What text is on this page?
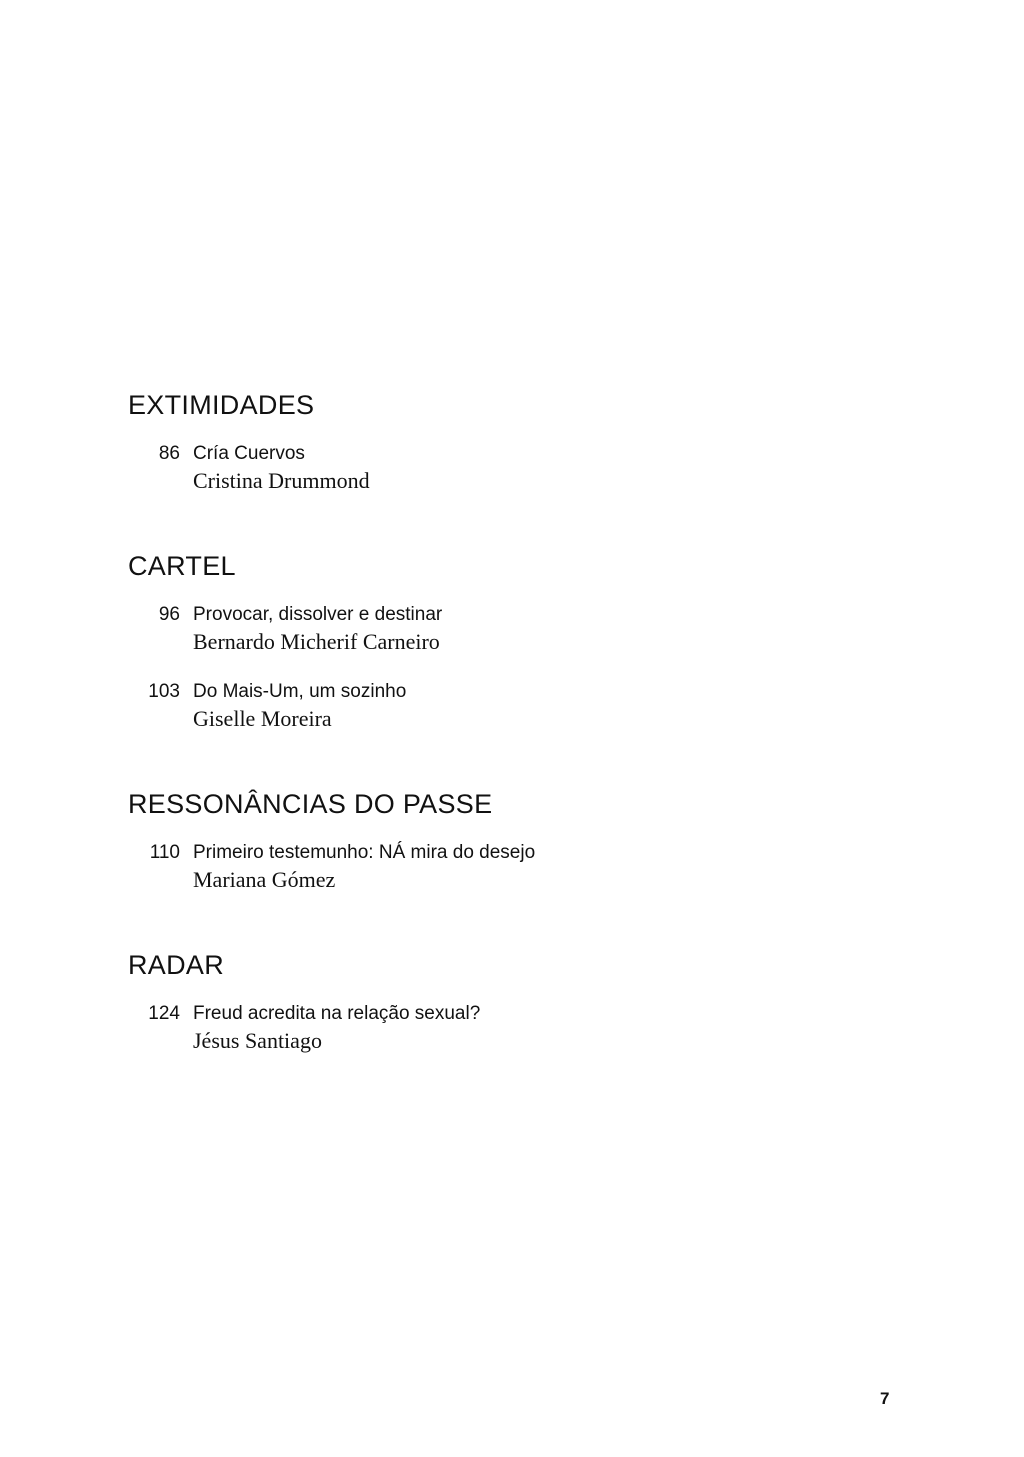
EXTIMIDADES
86 Cría Cuervos
Cristina Drummond
CARTEL
96 Provocar, dissolver e destinar
Bernardo Micherif Carneiro
103 Do Mais-Um, um sozinho
Giselle Moreira
RESSONÂNCIAS DO PASSE
110 Primeiro testemunho: NÁ mira do desejo
Mariana Gómez
RADAR
124 Freud acredita na relação sexual?
Jésus Santiago
7
